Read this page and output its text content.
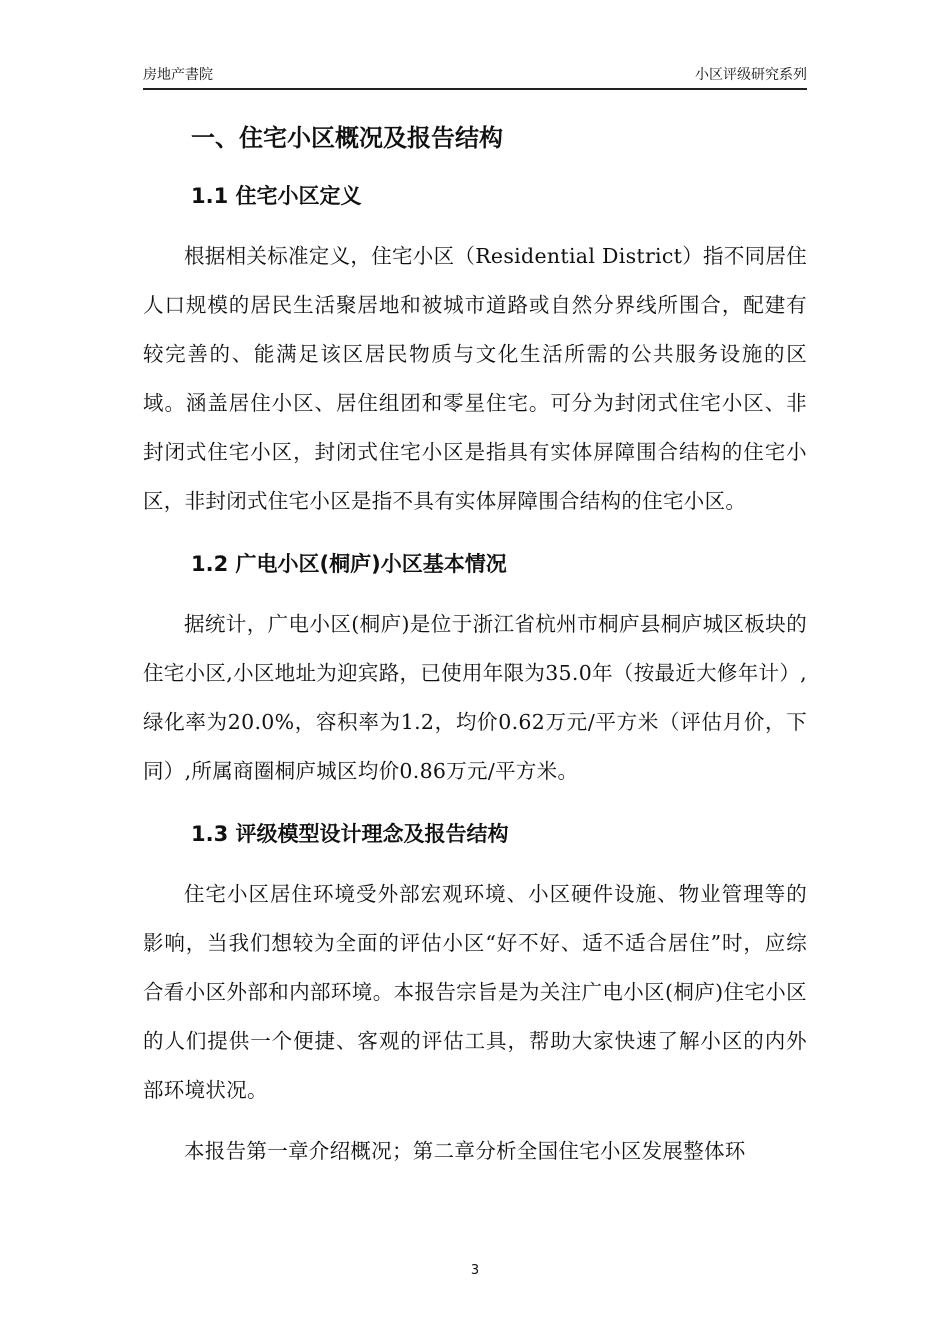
房地产書院	小区评级研究系列
一、住宅小区概况及报告结构
1.1 住宅小区定义

根据相关标准定义，住宅小区（Residential District）指不同居住人口规模的居民生活聚居地和被城市道路或自然分界线所围合，配建有较完善的、能满足该区居民物质与文化生活所需的公共服务设施的区域。涵盖居住小区、居住组团和零星住宅。可分为封闭式住宅小区、非封闭式住宅小区，封闭式住宅小区是指具有实体屏障围合结构的住宅小区，非封闭式住宅小区是指不具有实体屏障围合结构的住宅小区。

1.2 广电小区(桐庐)小区基本情况

据统计，广电小区(桐庐)是位于浙江省杭州市桐庐县桐庐城区板块的住宅小区,小区地址为迎宾路，已使用年限为35.0年（按最近大修年计）,绿化率为20.0%，容积率为1.2，均价0.62万元/平方米（评估月价，下同）,所属商圈桐庐城区均价0.86万元/平方米。

1.3 评级模型设计理念及报告结构

住宅小区居住环境受外部宏观环境、小区硬件设施、物业管理等的影响，当我们想较为全面的评估小区“好不好、适不适合居住”时，应综合看小区外部和内部环境。本报告宗旨是为关注广电小区(桐庐)住宅小区的人们提供一个便捷、客观的评估工具，帮助大家快速了解小区的内外部环境状况。

本报告第一章介绍概况；第二章分析全国住宅小区发展整体环

3
